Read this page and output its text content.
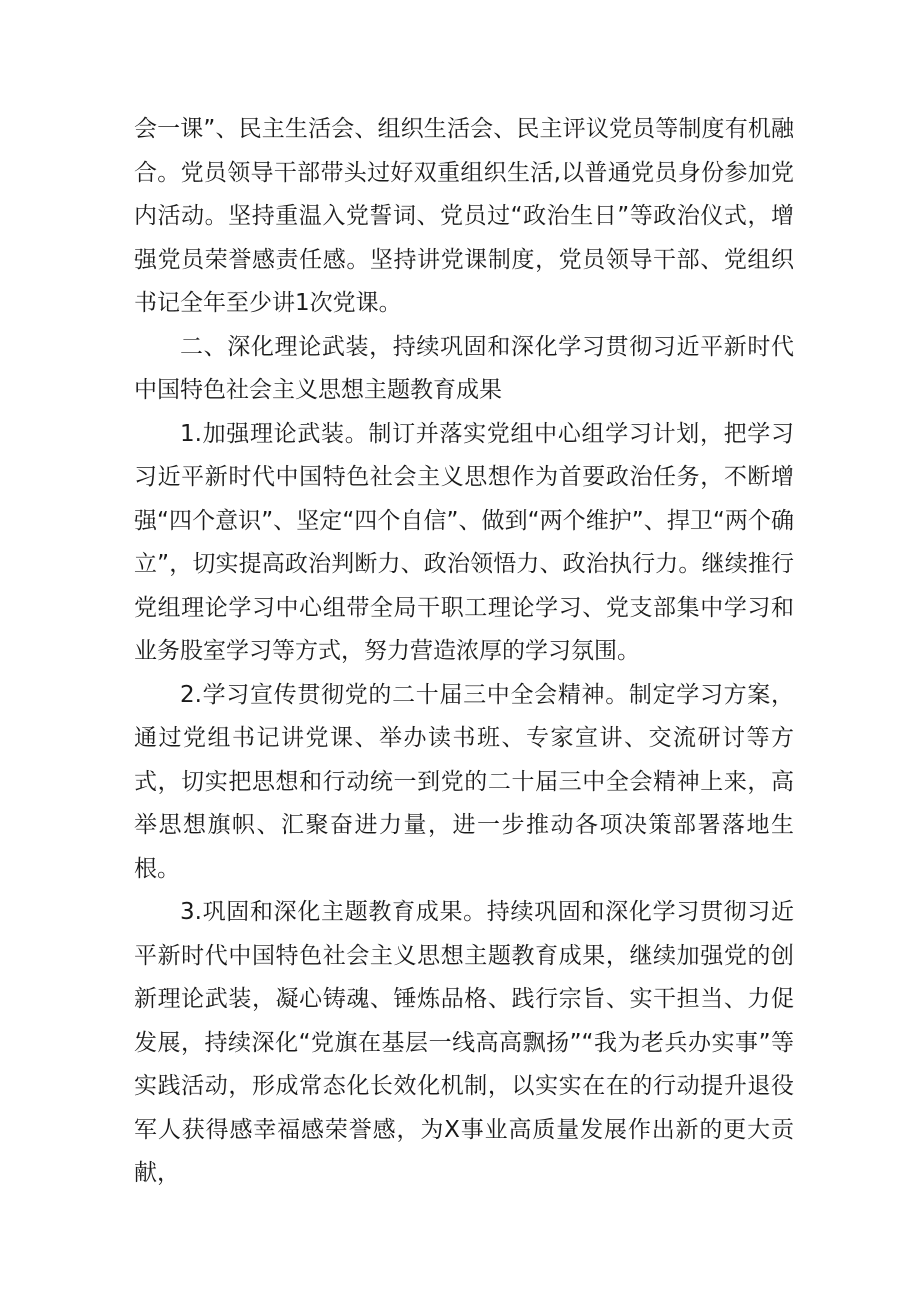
会一课”、民主生活会、组织生活会、民主评议党员等制度有机融合。党员领导干部带头过好双重组织生活,以普通党员身份参加党内活动。坚持重温入党誓词、党员过“政治生日”等政治仪式，增强党员荣誉感责任感。坚持讲党课制度，党员领导干部、党组织书记全年至少讲1次党课。

二、深化理论武装，持续巩固和深化学习贯彻习近平新时代中国特色社会主义思想主题教育成果

1.加强理论武装。制订并落实党组中心组学习计划，把学习习近平新时代中国特色社会主义思想作为首要政治任务，不断增强“四个意识”、坚定“四个自信”、做到“两个维护”、捍卫“两个确立”，切实提高政治判断力、政治领悟力、政治执行力。继续推行党组理论学习中心组带全局干职工理论学习、党支部集中学习和业务股室学习等方式，努力营造浓厚的学习氛围。

2.学习宣传贯彻党的二十届三中全会精神。制定学习方案，通过党组书记讲党课、举办读书班、专家宣讲、交流研讨等方式，切实把思想和行动统一到党的二十届三中全会精神上来，高举思想旗帜、汇聚奋进力量，进一步推动各项决策部署落地生根。

3.巩固和深化主题教育成果。持续巩固和深化学习贯彻习近平新时代中国特色社会主义思想主题教育成果，继续加强党的创新理论武装，凝心铸魂、锤炼品格、践行宗旨、实干担当、力促发展，持续深化“党旗在基层一线高高飘扬”“我为老兵办实事”等实践活动，形成常态化长效化机制，以实实在在的行动提升退役军人获得感幸福感荣誉感，为X事业高质量发展作出新的更大贡献，
